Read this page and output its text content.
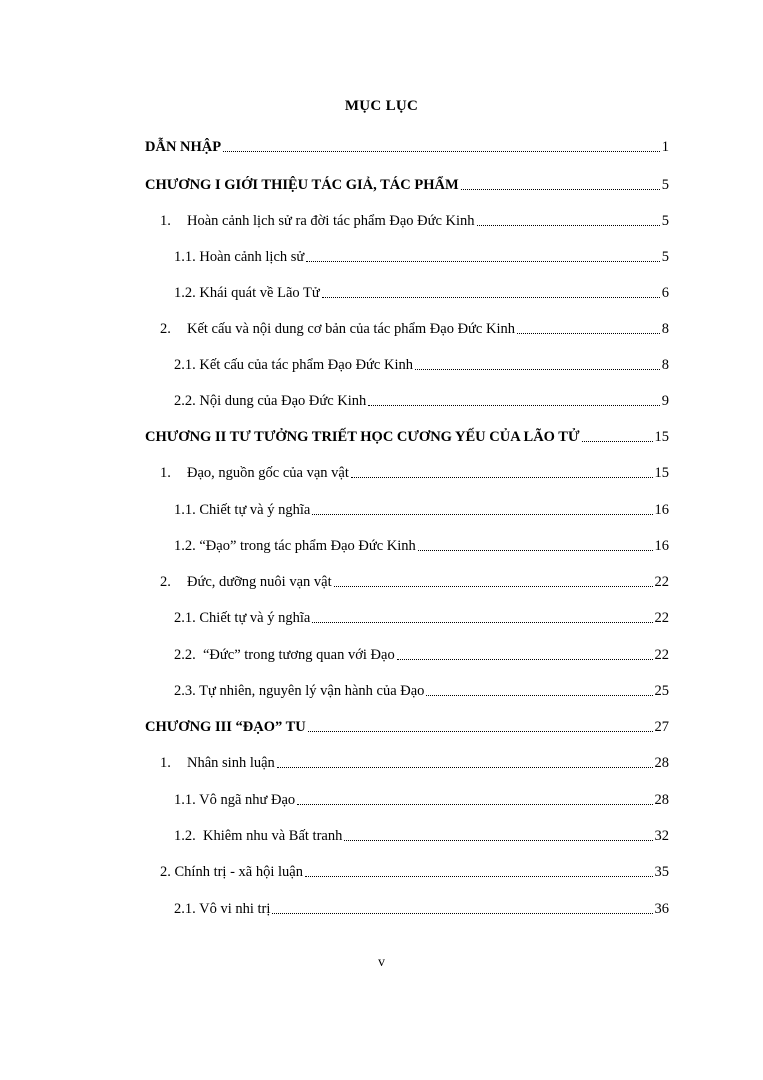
MỤC LỤC
DẪN NHẬP	1
CHƯƠNG I GIỚI THIỆU TÁC GIẢ, TÁC PHẨM	5
1. Hoàn cảnh lịch sử ra đời tác phẩm Đạo Đức Kinh	5
1.1. Hoàn cảnh lịch sử	5
1.2. Khái quát về Lão Tử	6
2. Kết cấu và nội dung cơ bản của tác phẩm Đạo Đức Kinh	8
2.1. Kết cấu của tác phẩm Đạo Đức Kinh	8
2.2. Nội dung của Đạo Đức Kinh	9
CHƯƠNG II TƯ TƯỞNG TRIẾT HỌC CƯƠNG YẾU CỦA LÃO TỬ	15
1. Đạo, nguồn gốc của vạn vật	15
1.1. Chiết tự và ý nghĩa	16
1.2. “Đạo” trong tác phẩm Đạo Đức Kinh	16
2. Đức, dưỡng nuôi vạn vật	22
2.1. Chiết tự và ý nghĩa	22
2.2.  “Đức” trong tương quan với Đạo	22
2.3. Tự nhiên, nguyên lý vận hành của Đạo	25
CHƯƠNG III “ĐẠO” TU	27
1. Nhân sinh luận	28
1.1. Vô ngã như Đạo	28
1.2.  Khiêm nhu và Bất tranh	32
2. Chính trị - xã hội luận	35
2.1. Vô vi nhi trị	36
v
